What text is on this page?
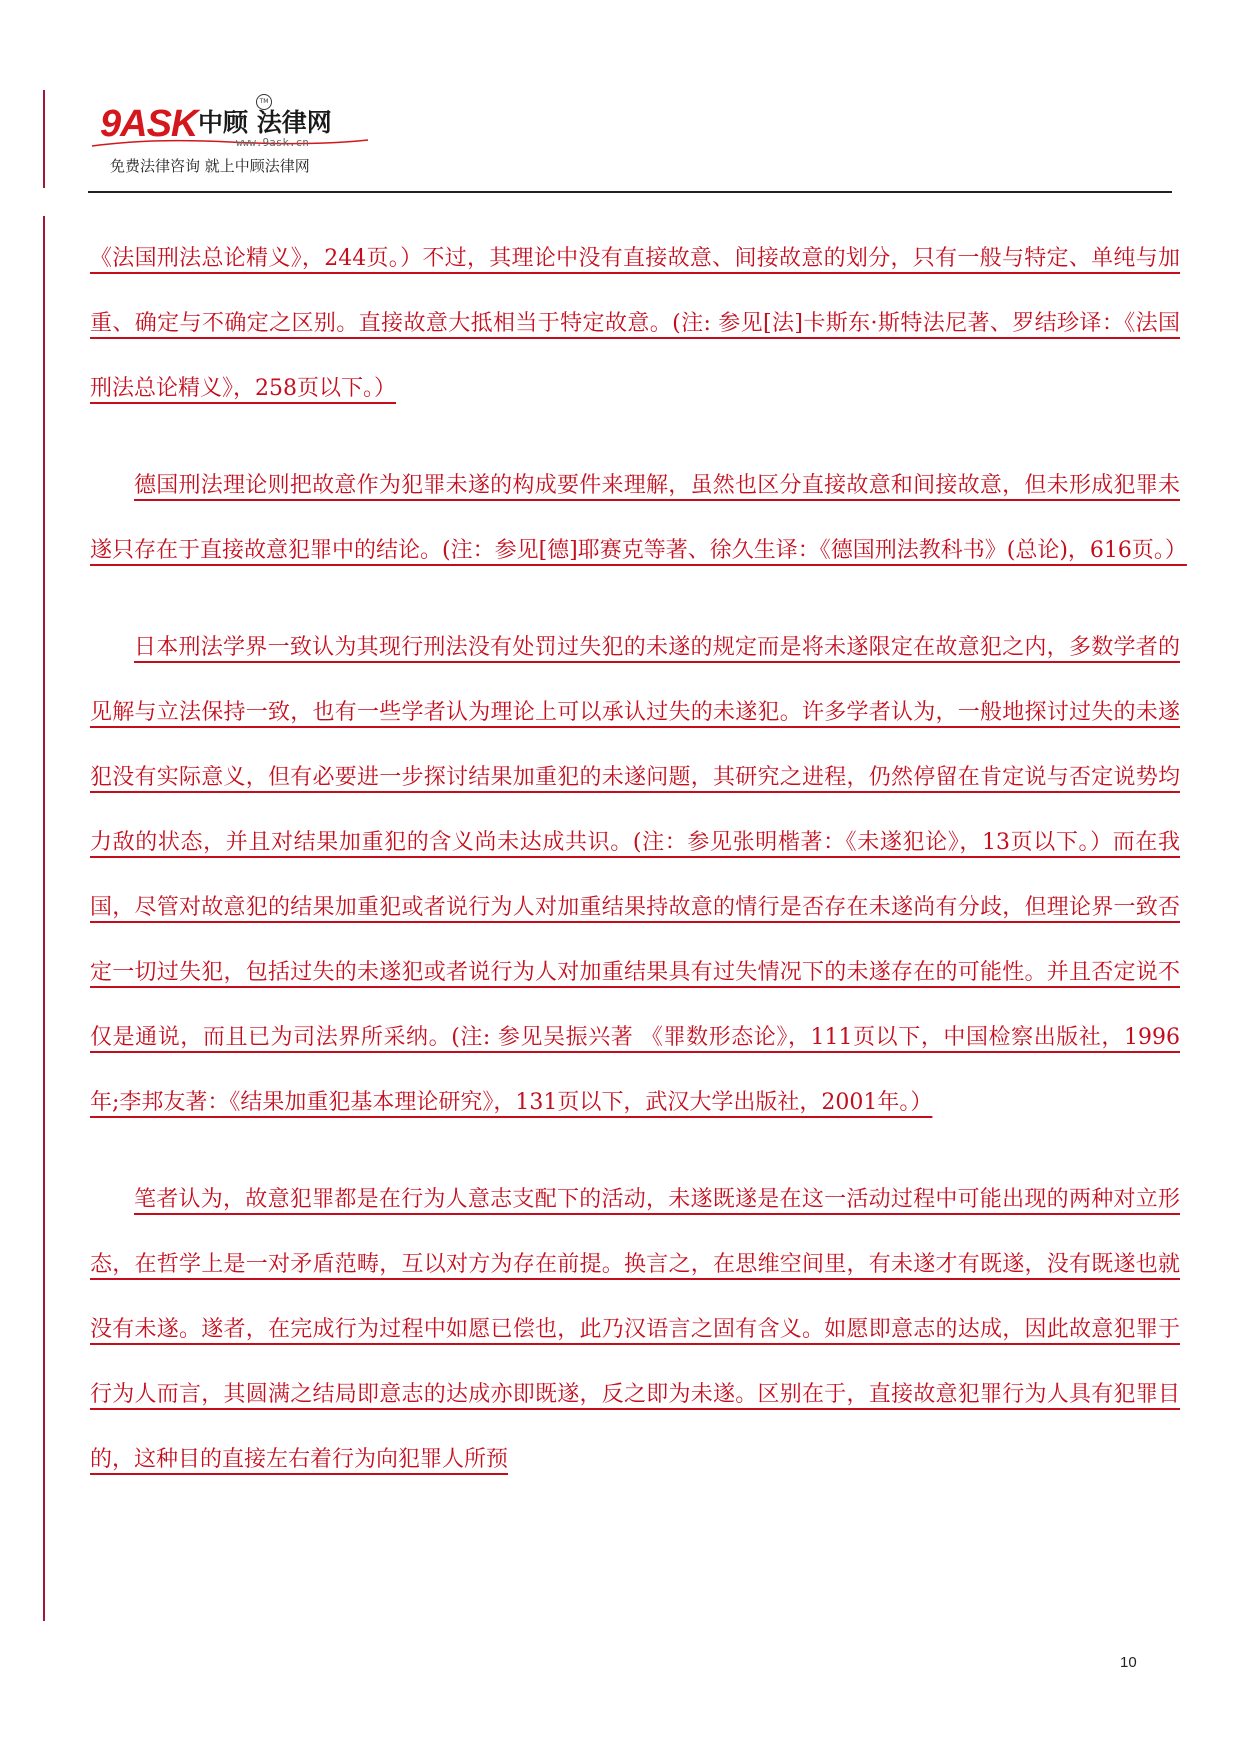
9ASK 中顾 法律网
TM
www.9ask.cn
免费法律咨询 就上中顾法律网

《法国刑法总论精义》，244页。）不过，其理论中没有直接故意、间接故意的划分，只有一般与特定、单纯与加重、确定与不确定之区别。直接故意大抵相当于特定故意。(注: 参见[法]卡斯东·斯特法尼著、罗结珍译：《法国刑法总论精义》，258页以下。）

德国刑法理论则把故意作为犯罪未遂的构成要件来理解，虽然也区分直接故意和间接故意，但未形成犯罪未遂只存在于直接故意犯罪中的结论。(注：参见[德]耶赛克等著、徐久生译：《德国刑法教科书》(总论)，616页。）

日本刑法学界一致认为其现行刑法没有处罚过失犯的未遂的规定而是将未遂限定在故意犯之内，多数学者的见解与立法保持一致，也有一些学者认为理论上可以承认过失的未遂犯。许多学者认为，一般地探讨过失的未遂犯没有实际意义，但有必要进一步探讨结果加重犯的未遂问题，其研究之进程，仍然停留在肯定说与否定说势均力敌的状态，并且对结果加重犯的含义尚未达成共识。(注：参见张明楷著：《未遂犯论》，13页以下。）而在我国，尽管对故意犯的结果加重犯或者说行为人对加重结果持故意的情行是否存在未遂尚有分歧，但理论界一致否定一切过失犯，包括过失的未遂犯或者说行为人对加重结果具有过失情况下的未遂存在的可能性。并且否定说不仅是通说，而且已为司法界所采纳。(注: 参见吴振兴著 《罪数形态论》，111页以下，中国检察出版社，1996年;李邦友著：《结果加重犯基本理论研究》，131页以下，武汉大学出版社，2001年。）

笔者认为，故意犯罪都是在行为人意志支配下的活动，未遂既遂是在这一活动过程中可能出现的两种对立形态，在哲学上是一对矛盾范畴，互以对方为存在前提。换言之，在思维空间里，有未遂才有既遂，没有既遂也就没有未遂。遂者，在完成行为过程中如愿已偿也，此乃汉语言之固有含义。如愿即意志的达成，因此故意犯罪于行为人而言，其圆满之结局即意志的达成亦即既遂，反之即为未遂。区别在于，直接故意犯罪行为人具有犯罪目的，这种目的直接左右着行为向犯罪人所预

10
